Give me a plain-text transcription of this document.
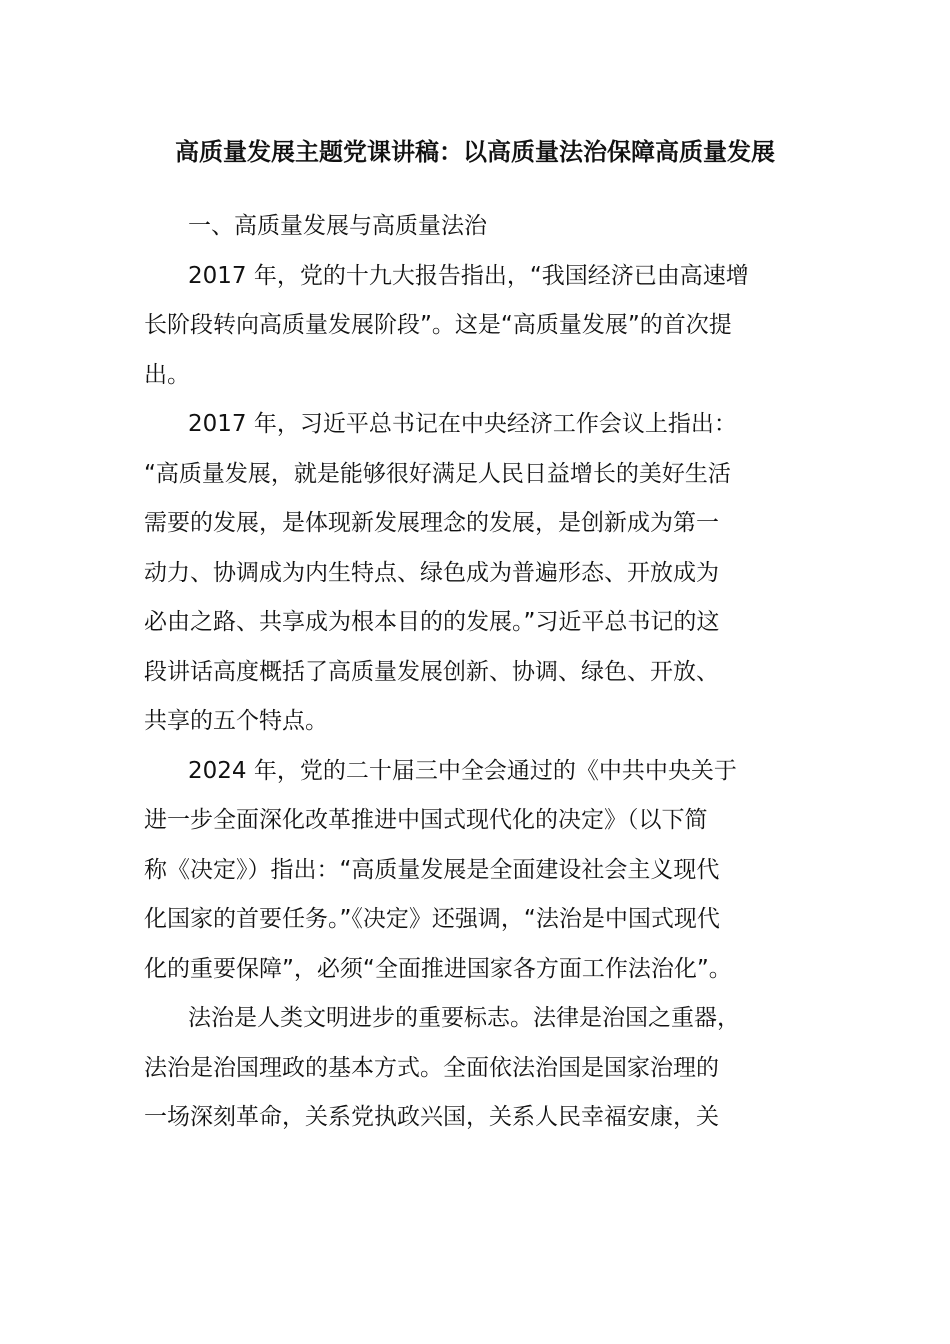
高质量发展主题党课讲稿：以高质量法治保障高质量发展
一、高质量发展与高质量法治
2017 年，党的十九大报告指出，“我国经济已由高速增
长阶段转向高质量发展阶段”。这是“高质量发展”的首次提
出。
2017 年，习近平总书记在中央经济工作会议上指出：
“高质量发展，就是能够很好满足人民日益增长的美好生活
需要的发展，是体现新发展理念的发展，是创新成为第一
动力、协调成为内生特点、绿色成为普遍形态、开放成为
必由之路、共享成为根本目的的发展。”习近平总书记的这
段讲话高度概括了高质量发展创新、协调、绿色、开放、
共享的五个特点。
2024 年，党的二十届三中全会通过的《中共中央关于
进一步全面深化改革推进中国式现代化的决定》（以下简
称《决定》）指出：“高质量发展是全面建设社会主义现代
化国家的首要任务。”《决定》还强调，“法治是中国式现代
化的重要保障”，必须“全面推进国家各方面工作法治化”。
法治是人类文明进步的重要标志。法律是治国之重器，
法治是治国理政的基本方式。全面依法治国是国家治理的
一场深刻革命，关系党执政兴国，关系人民幸福安康，关
